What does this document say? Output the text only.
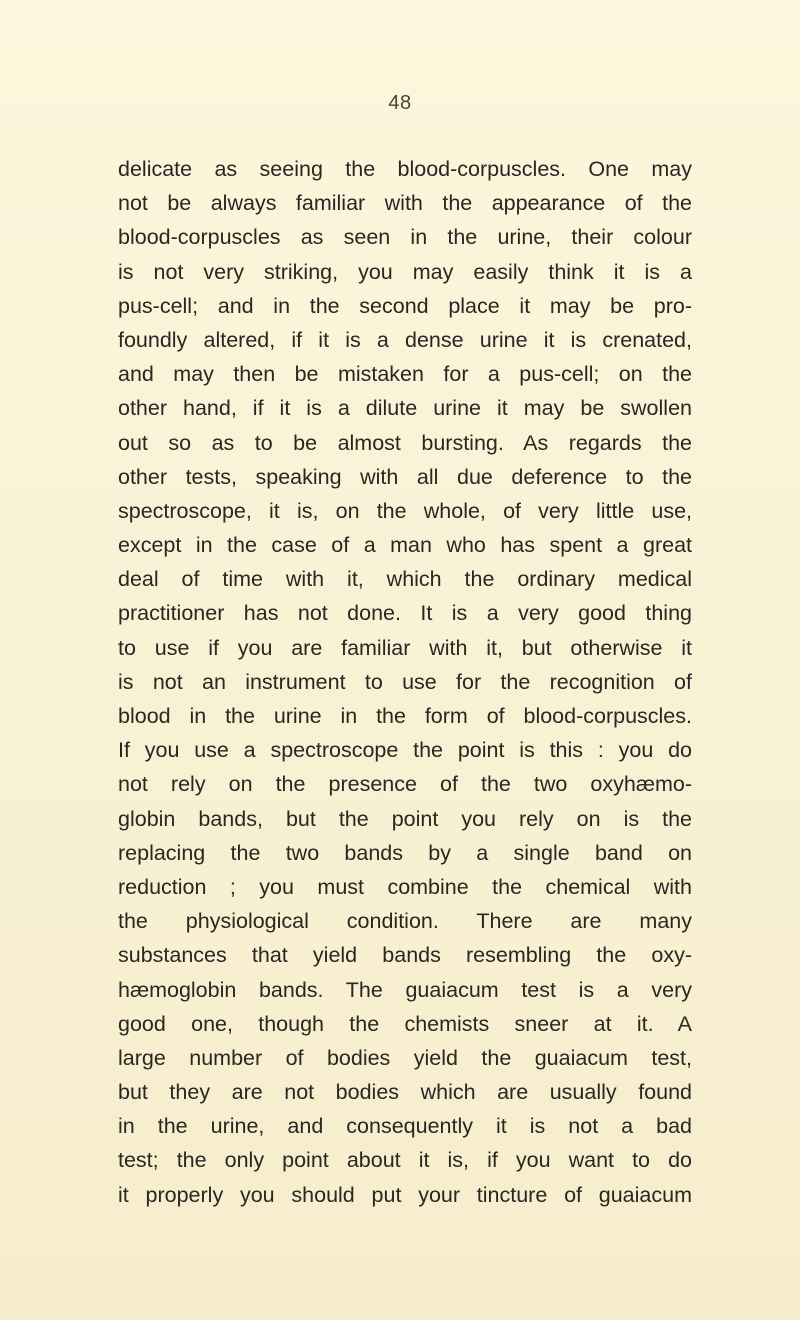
48
delicate as seeing the blood-corpuscles. One may
not be always familiar with the appearance of the
blood-corpuscles as seen in the urine, their colour
is not very striking, you may easily think it is a
pus-cell; and in the second place it may be pro-
foundly altered, if it is a dense urine it is crenated,
and may then be mistaken for a pus-cell; on the
other hand, if it is a dilute urine it may be swollen
out so as to be almost bursting. As regards the
other tests, speaking with all due deference to the
spectroscope, it is, on the whole, of very little use,
except in the case of a man who has spent a great
deal of time with it, which the ordinary medical
practitioner has not done. It is a very good thing
to use if you are familiar with it, but otherwise it
is not an instrument to use for the recognition of
blood in the urine in the form of blood-corpuscles.
If you use a spectroscope the point is this : you do
not rely on the presence of the two oxyhæmo-
globin bands, but the point you rely on is the
replacing the two bands by a single band on
reduction ; you must combine the chemical with
the physiological condition. There are many
substances that yield bands resembling the oxy-
hæmoglobin bands. The guaiacum test is a very
good one, though the chemists sneer at it. A
large number of bodies yield the guaiacum test,
but they are not bodies which are usually found
in the urine, and consequently it is not a bad
test; the only point about it is, if you want to do
it properly you should put your tincture of guaiacum
